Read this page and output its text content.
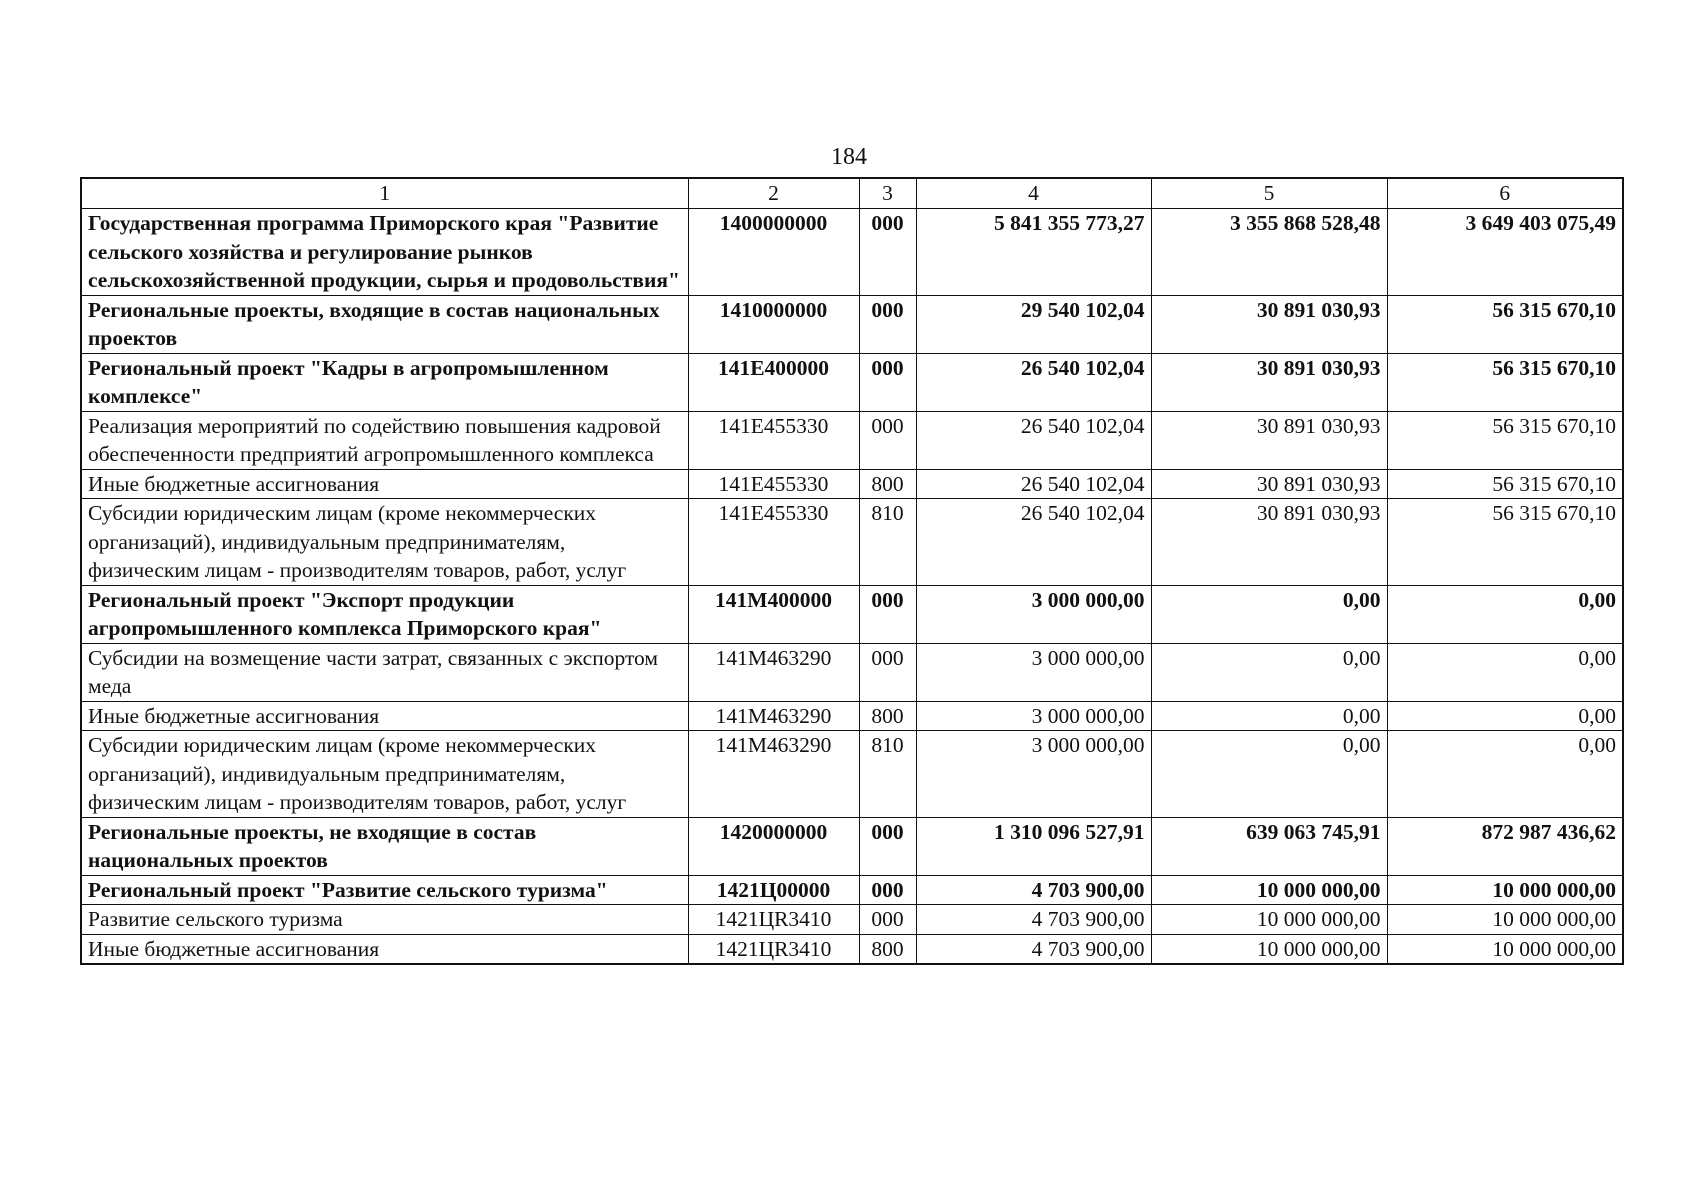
184
1	2	3	4	5	6
Государственная программа Приморского края "Развитие сельского хозяйства и регулирование рынков сельскохозяйственной продукции, сырья и продовольствия"	1400000000	000	5 841 355 773,27	3 355 868 528,48	3 649 403 075,49
Региональные проекты, входящие в состав национальных проектов	1410000000	000	29 540 102,04	30 891 030,93	56 315 670,10
Региональный проект "Кадры в агропромышленном комплексе"	141Е400000	000	26 540 102,04	30 891 030,93	56 315 670,10
Реализация мероприятий по содействию повышения кадровой обеспеченности предприятий агропромышленного комплекса	141Е455330	000	26 540 102,04	30 891 030,93	56 315 670,10
Иные бюджетные ассигнования	141Е455330	800	26 540 102,04	30 891 030,93	56 315 670,10
Субсидии юридическим лицам (кроме некоммерческих организаций), индивидуальным предпринимателям, физическим лицам - производителям товаров, работ, услуг	141Е455330	810	26 540 102,04	30 891 030,93	56 315 670,10
Региональный проект "Экспорт продукции агропромышленного комплекса Приморского края"	141М400000	000	3 000 000,00	0,00	0,00
Субсидии на возмещение части затрат, связанных с экспортом меда	141М463290	000	3 000 000,00	0,00	0,00
Иные бюджетные ассигнования	141М463290	800	3 000 000,00	0,00	0,00
Субсидии юридическим лицам (кроме некоммерческих организаций), индивидуальным предпринимателям, физическим лицам - производителям товаров, работ, услуг	141М463290	810	3 000 000,00	0,00	0,00
Региональные проекты, не входящие в состав национальных проектов	1420000000	000	1 310 096 527,91	639 063 745,91	872 987 436,62
Региональный проект "Развитие сельского туризма"	1421Ц00000	000	4 703 900,00	10 000 000,00	10 000 000,00
Развитие сельского туризма	1421ЦR3410	000	4 703 900,00	10 000 000,00	10 000 000,00
Иные бюджетные ассигнования	1421ЦR3410	800	4 703 900,00	10 000 000,00	10 000 000,00
